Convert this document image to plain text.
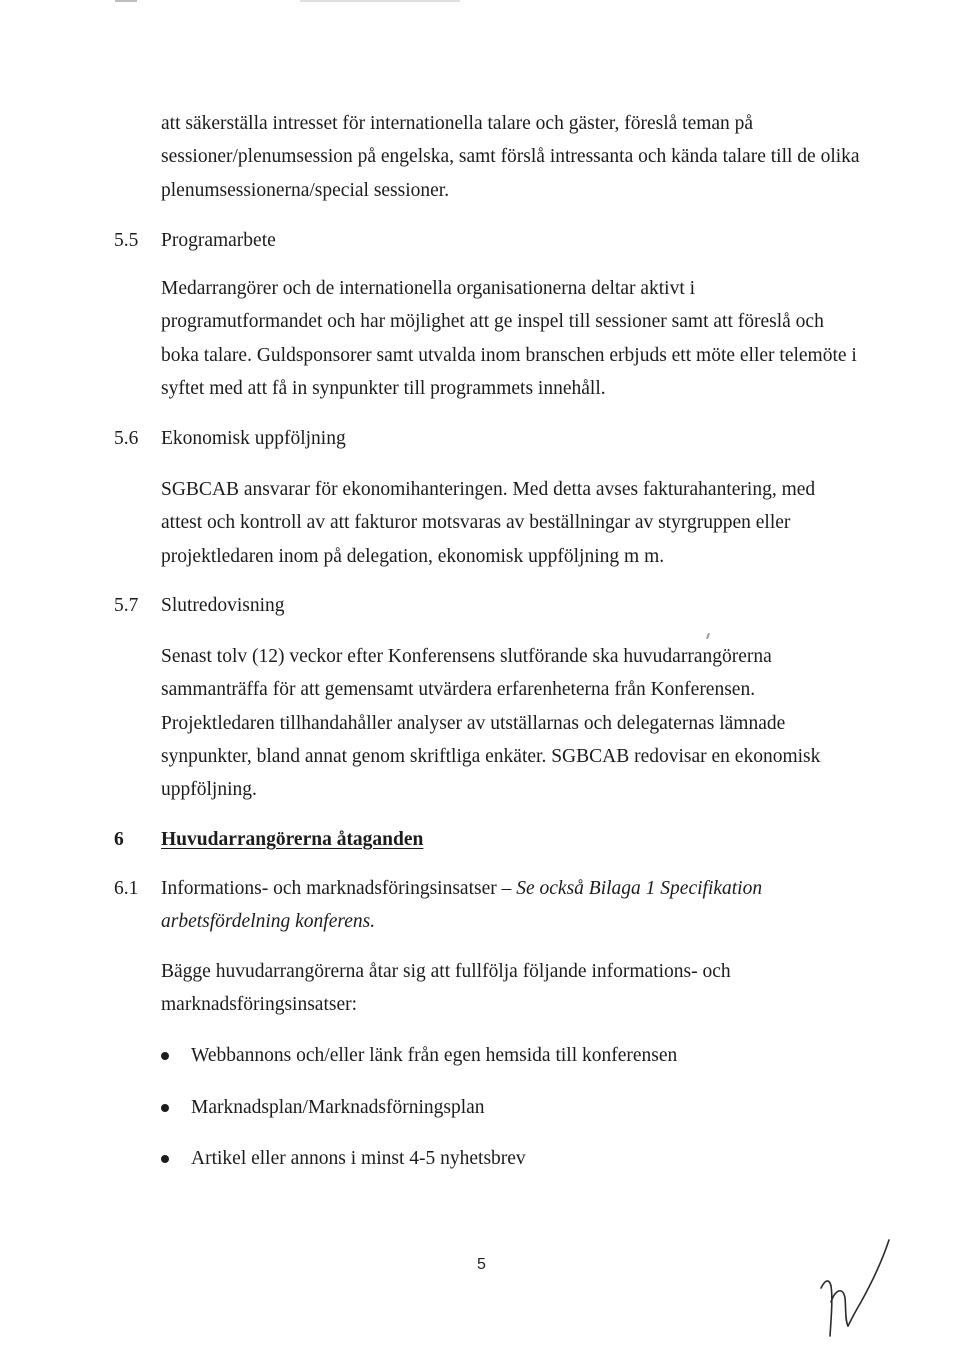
att säkerställa intresset för internationella talare och gäster, föreslå teman på sessioner/plenumsession på engelska, samt förslå intressanta och kända talare till de olika plenumsessionerna/special sessioner.

5.5 Programarbete

Medarrangörer och de internationella organisationerna deltar aktivt i programutformandet och har möjlighet att ge inspel till sessioner samt att föreslå och boka talare. Guldsponsorer samt utvalda inom branschen erbjuds ett möte eller telemöte i syftet med att få in synpunkter till programmets innehåll.

5.6 Ekonomisk uppföljning

SGBCAB ansvarar för ekonomihanteringen. Med detta avses fakturahantering, med attest och kontroll av att fakturor motsvaras av beställningar av styrgruppen eller projektledaren inom på delegation, ekonomisk uppföljning m m.

5.7 Slutredovisning

Senast tolv (12) veckor efter Konferensens slutförande ska huvudarrangörerna sammanträffa för att gemensamt utvärdera erfarenheterna från Konferensen. Projektledaren tillhandahåller analyser av utställarnas och delegaternas lämnade synpunkter, bland annat genom skriftliga enkäter. SGBCAB redovisar en ekonomisk uppföljning.

6 Huvudarrangörerna åtaganden
6.1 Informations- och marknadsföringsinsatser – Se också Bilaga 1 Specifikation arbetsfördelning konferens.

Bägge huvudarrangörerna åtar sig att fullfölja följande informations- och marknadsföringsinsatser:

Webbannons och/eller länk från egen hemsida till konferensen
Marknadsplan/Marknadsförningsplan
Artikel eller annons i minst 4-5 nyhetsbrev
5
